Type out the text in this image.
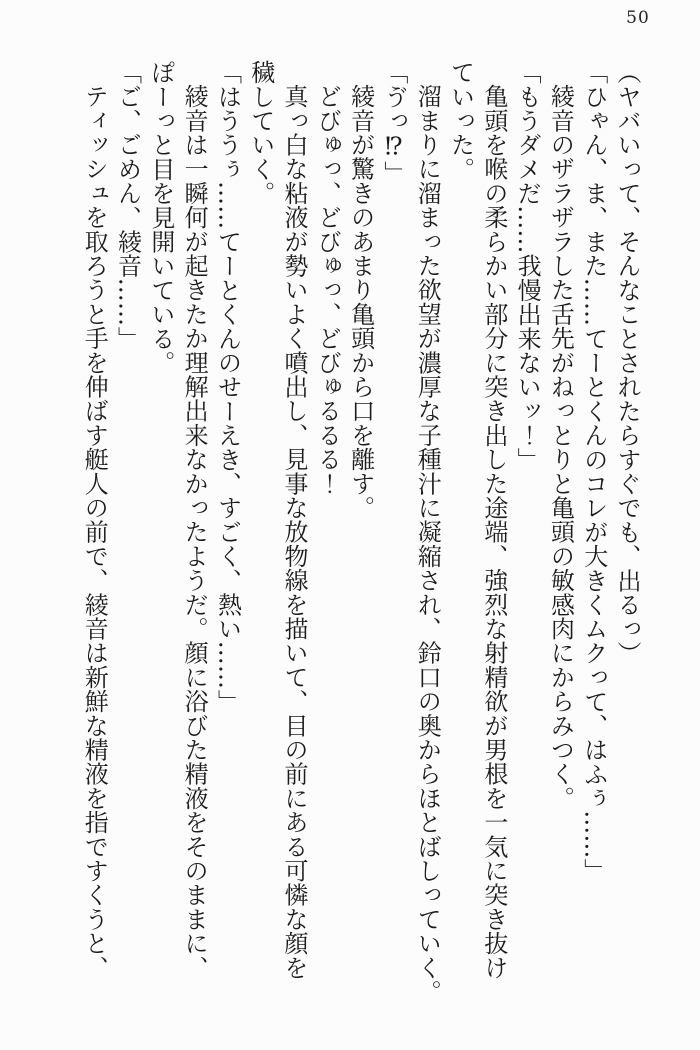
50
（ヤバいって、そんなことされたらすぐでも、出るっ）
「ひゃん、ま、また……てーとくんのコレが大きくムクって、はふぅ……」
綾音のザラザラした舌先がねっとりと亀頭の敏感肉にからみつく。
「もうダメだ……我慢出来ないッ！」
亀頭を喉の柔らかい部分に突き出した途端、強烈な射精欲が男根を一気に突き抜け
ていった。
溜まりに溜まった欲望が濃厚な子種汁に凝縮され、鈴口の奥からほとばしっていく。
「ゔっ⁉」
綾音が驚きのあまり亀頭から口を離す。
どびゅっ、どびゅっ、どびゅるるる！
真っ白な粘液が勢いよく噴出し、見事な放物線を描いて、目の前にある可憐な顔を
穢していく。
「はううぅ……てーとくんのせーえき、すごく、熱い……」
綾音は一瞬何が起きたか理解出来なかったようだ。顔に浴びた精液をそのままに、
ぽーっと目を見開いている。
「ご、ごめん、綾音……」
ティッシュを取ろうと手を伸ばす艇人の前で、綾音は新鮮な精液を指ですくうと、
